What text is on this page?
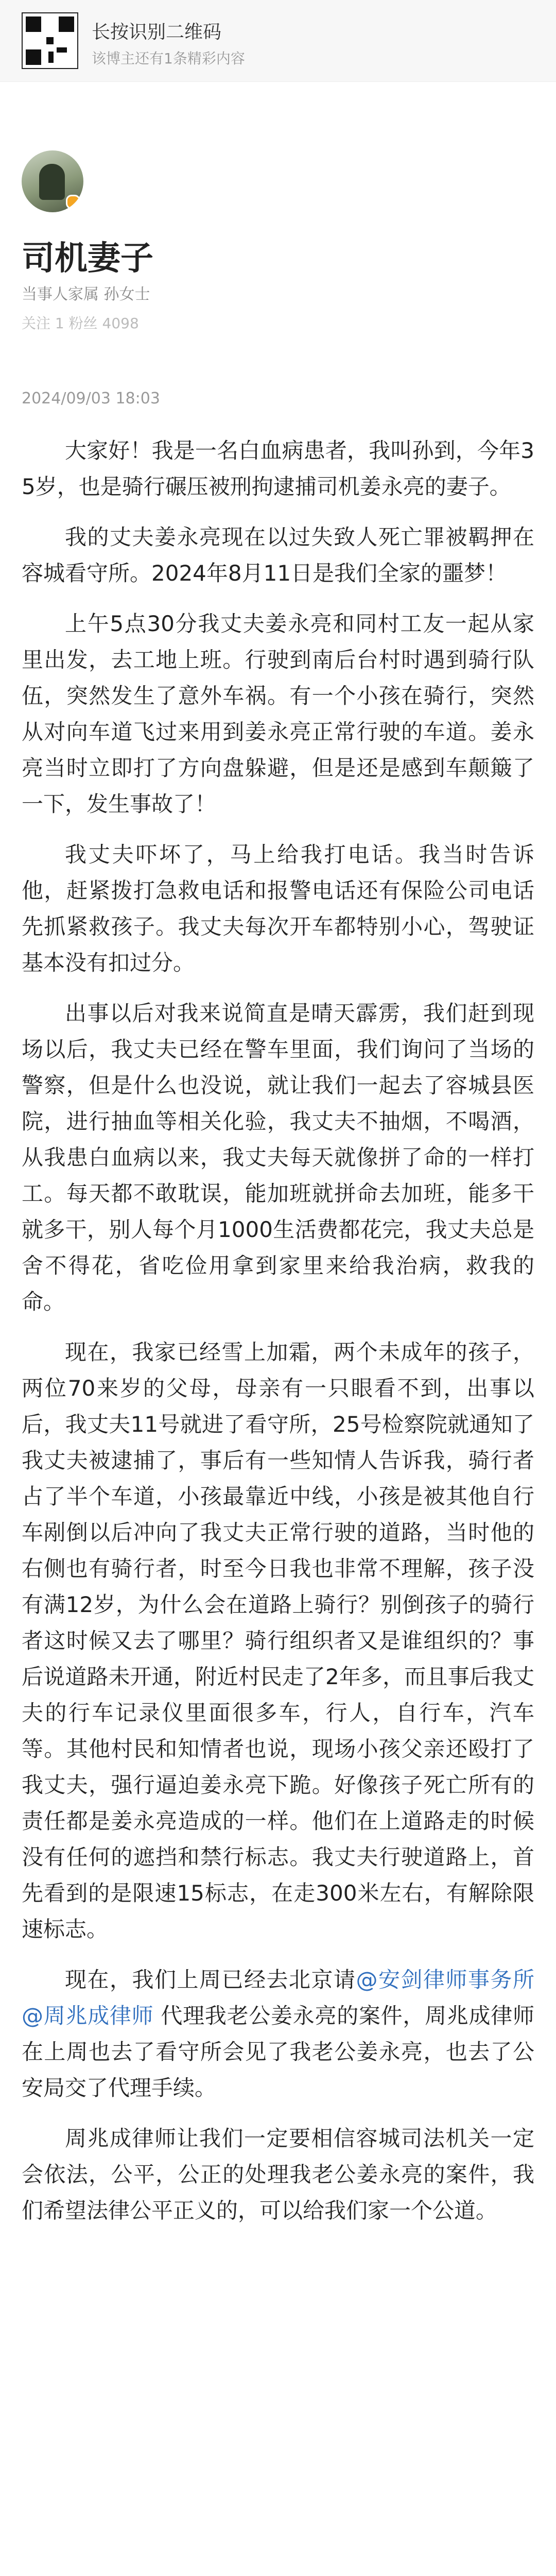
长按识别二维码
该博主还有1条精彩内容
司机妻子
当事人家属 孙女士
关注 1 粉丝 4098
2024/09/03 18:03

大家好！我是一名白血病患者，我叫孙到，今年35岁，也是骑行碾压被刑拘逮捕司机姜永亮的妻子。

我的丈夫姜永亮现在以过失致人死亡罪被羁押在容城看守所。2024年8月11日是我们全家的噩梦！

上午5点30分我丈夫姜永亮和同村工友一起从家里出发，去工地上班。行驶到南后台村时遇到骑行队伍，突然发生了意外车祸。有一个小孩在骑行，突然从对向车道飞过来用到姜永亮正常行驶的车道。姜永亮当时立即打了方向盘躲避，但是还是感到车颠簸了一下，发生事故了！

我丈夫吓坏了，马上给我打电话。我当时告诉他，赶紧拨打急救电话和报警电话还有保险公司电话先抓紧救孩子。我丈夫每次开车都特别小心，驾驶证基本没有扣过分。

出事以后对我来说简直是晴天霹雳，我们赶到现场以后，我丈夫已经在警车里面，我们询问了当场的警察，但是什么也没说，就让我们一起去了容城县医院，进行抽血等相关化验，我丈夫不抽烟，不喝酒，从我患白血病以来，我丈夫每天就像拼了命的一样打工。每天都不敢耽误，能加班就拼命去加班，能多干就多干，别人每个月1000生活费都花完，我丈夫总是舍不得花，省吃俭用拿到家里来给我治病，救我的命。

现在，我家已经雪上加霜，两个未成年的孩子，两位70来岁的父母，母亲有一只眼看不到，出事以后，我丈夫11号就进了看守所，25号检察院就通知了我丈夫被逮捕了，事后有一些知情人告诉我，骑行者占了半个车道，小孩最靠近中线，小孩是被其他自行车剐倒以后冲向了我丈夫正常行驶的道路，当时他的右侧也有骑行者，时至今日我也非常不理解，孩子没有满12岁，为什么会在道路上骑行？别倒孩子的骑行者这时候又去了哪里？骑行组织者又是谁组织的？事后说道路未开通，附近村民走了2年多，而且事后我丈夫的行车记录仪里面很多车，行人，自行车，汽车等。其他村民和知情者也说，现场小孩父亲还殴打了我丈夫，强行逼迫姜永亮下跪。好像孩子死亡所有的责任都是姜永亮造成的一样。他们在上道路走的时候没有任何的遮挡和禁行标志。我丈夫行驶道路上，首先看到的是限速15标志，在走300米左右，有解除限速标志。

现在，我们上周已经去北京请@安剑律师事务所 @周兆成律师 代理我老公姜永亮的案件，周兆成律师在上周也去了看守所会见了我老公姜永亮，也去了公安局交了代理手续。

周兆成律师让我们一定要相信容城司法机关一定会依法，公平，公正的处理我老公姜永亮的案件，我们希望法律公平正义的，可以给我们家一个公道。
